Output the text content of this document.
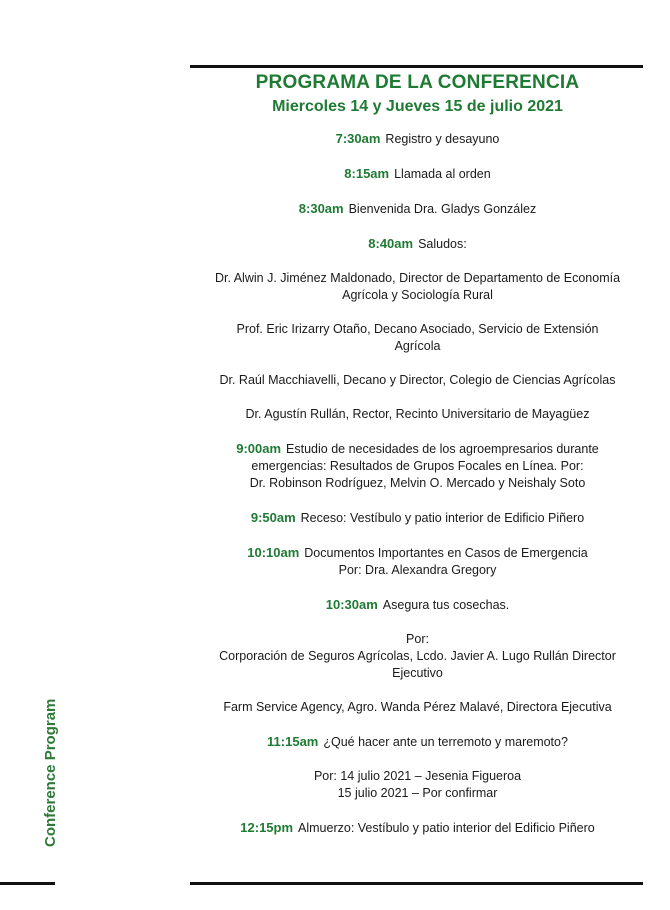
Conference Program
PROGRAMA DE LA CONFERENCIA
Miercoles 14 y Jueves 15 de julio 2021
7:30am Registro y desayuno
8:15am Llamada al orden
8:30am Bienvenida Dra. Gladys González
8:40am Saludos:
Dr. Alwin J. Jiménez Maldonado, Director de Departamento de Economía
Agrícola y Sociología Rural
Prof. Eric Irizarry Otaño, Decano Asociado, Servicio de Extensión
Agrícola
Dr. Raúl Macchiavelli, Decano y Director, Colegio de Ciencias Agrícolas
Dr. Agustín Rullán, Rector, Recinto Universitario de Mayagüez
9:00am Estudio de necesidades de los agroempresarios durante
emergencias: Resultados de Grupos Focales en Línea. Por:
Dr. Robinson Rodríguez, Melvin O. Mercado y Neishaly Soto
9:50am Receso: Vestíbulo y patio interior de Edificio Piñero
10:10am Documentos Importantes en Casos de Emergencia
Por: Dra. Alexandra Gregory
10:30am Asegura tus cosechas.
Por:
Corporación de Seguros Agrícolas, Lcdo. Javier A. Lugo Rullán Director
Ejecutivo
Farm Service Agency, Agro. Wanda Pérez Malavé, Directora Ejecutiva
11:15am ¿Qué hacer ante un terremoto y maremoto?
Por: 14 julio 2021 – Jesenia Figueroa
15 julio 2021 – Por confirmar
12:15pm Almuerzo: Vestíbulo y patio interior del Edificio Piñero
